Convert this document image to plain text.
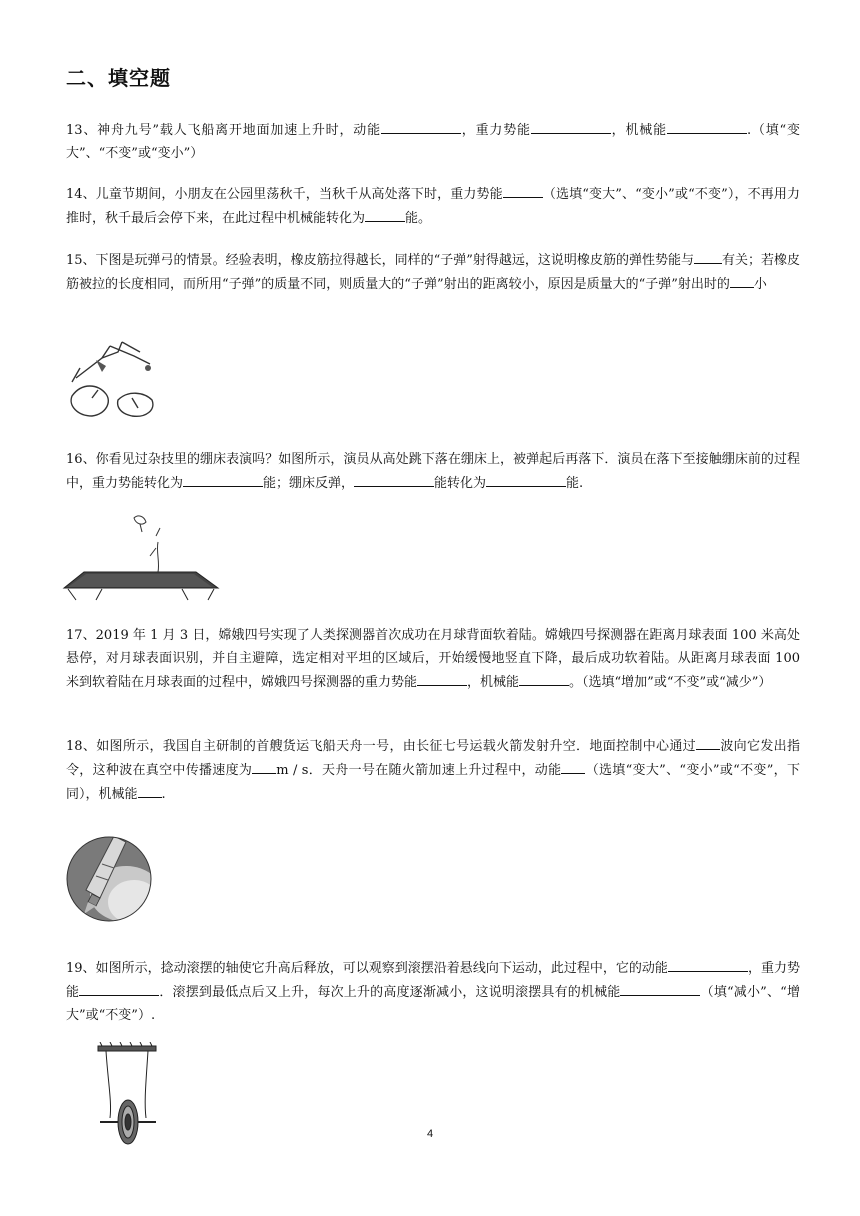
二、填空题
13、神舟九号”载人飞船离开地面加速上升时，动能	，重力势能	，机械能	.（填“变大”、“不变”或“变小”）
14、儿童节期间，小朋友在公园里荡秋千，当秋千从高处落下时，重力势能	（选填“变大”、“变小”或“不变”），不再用力推时，秋千最后会停下来，在此过程中机械能转化为	能。
15、下图是玩弹弓的情景。经验表明，橡皮筋拉得越长，同样的“子弹”射得越远，这说明橡皮筋的弹性势能与 有关；若橡皮筋被拉的长度相同，而所用“子弹”的质量不同，则质量大的“子弹”射出的距离较小，原因是质量大的“子弹”射出时的 小
16、你看见过杂技里的绷床表演吗？如图所示，演员从高处跳下落在绷床上，被弹起后再落下．演员在落下至接触绷床前的过程中，重力势能转化为	能；绷床反弹，	能转化为	能.
17、2019 年 1 月 3 日，嫦娥四号实现了人类探测器首次成功在月球背面软着陆。嫦娥四号探测器在距离月球表面 100 米高处悬停，对月球表面识别，并自主避障，选定相对平坦的区域后，开始缓慢地竖直下降，最后成功软着陆。从距离月球表面 100 米到软着陆在月球表面的过程中，嫦娥四号探测器的重力势能	，机械能	。（选填“增加”或“不变”或“减少”）
18、如图所示，我国自主研制的首艘货运飞船天舟一号，由长征七号运载火箭发射升空．地面控制中心通过 波向它发出指令，这种波在真空中传播速度为 m / s．天舟一号在随火箭加速上升过程中，动能 （选填“变大”、“变小”或“不变”，下同），机械能 .
19、如图所示，捻动滚摆的轴使它升高后释放，可以观察到滚摆沿着悬线向下运动，此过程中，它的动能	，重力势能	．滚摆到最低点后又上升，每次上升的高度逐渐减小，这说明滚摆具有的机械能	（填“减小”、“增大”或“不变”）.
4
